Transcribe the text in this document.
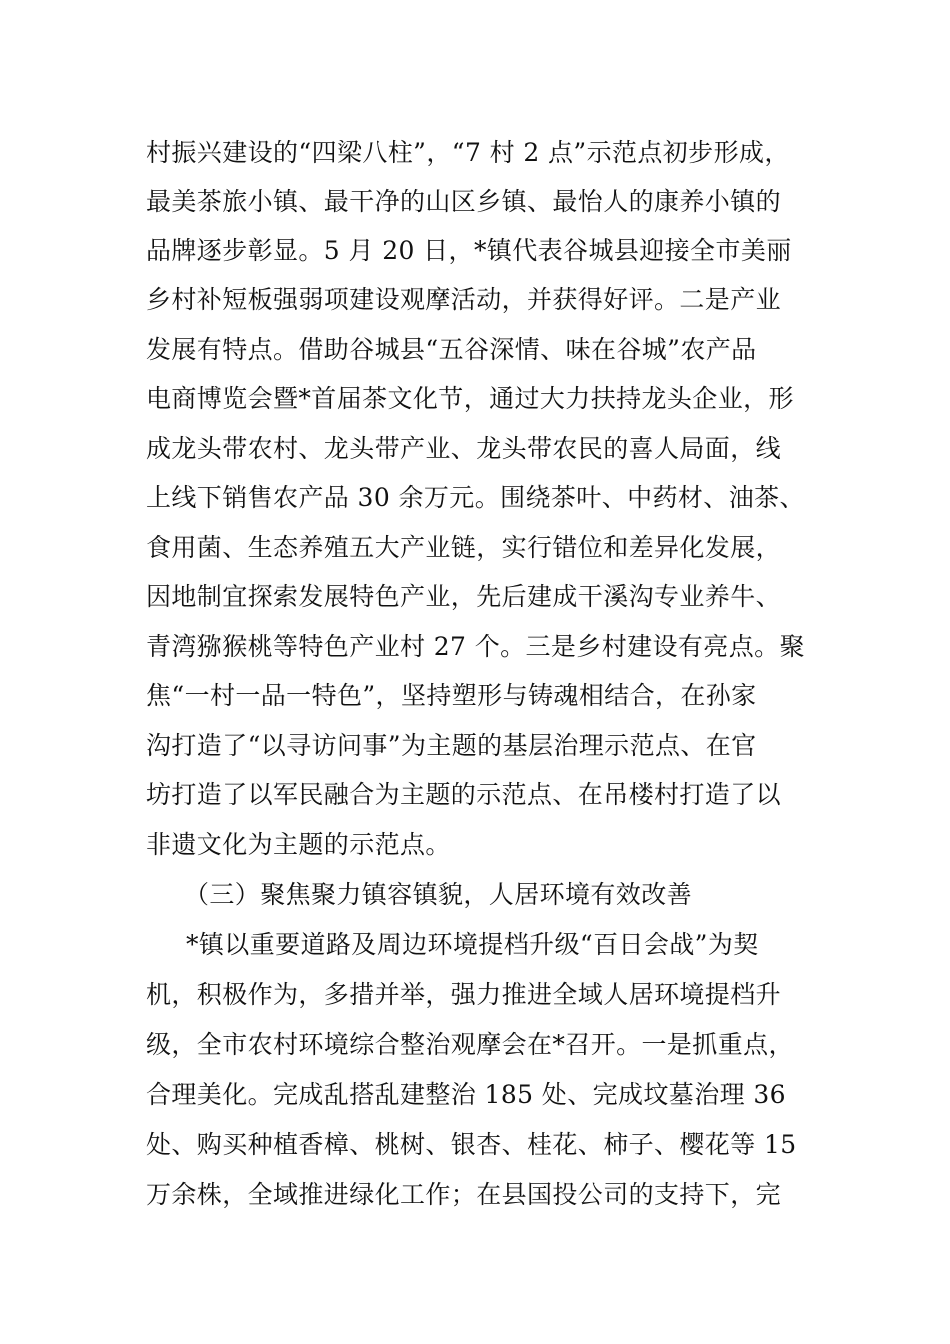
村振兴建设的“四梁八柱”，“7 村 2 点”示范点初步形成，
最美茶旅小镇、最干净的山区乡镇、最怡人的康养小镇的
品牌逐步彰显。5 月 20 日，*镇代表谷城县迎接全市美丽
乡村补短板强弱项建设观摩活动，并获得好评。二是产业
发展有特点。借助谷城县“五谷深情、味在谷城”农产品
电商博览会暨*首届茶文化节，通过大力扶持龙头企业，形
成龙头带农村、龙头带产业、龙头带农民的喜人局面，线
上线下销售农产品 30 余万元。围绕茶叶、中药材、油茶、
食用菌、生态养殖五大产业链，实行错位和差异化发展，
因地制宜探索发展特色产业，先后建成干溪沟专业养牛、
青湾猕猴桃等特色产业村 27 个。三是乡村建设有亮点。聚
焦“一村一品一特色”，坚持塑形与铸魂相结合，在孙家
沟打造了“以寻访问事”为主题的基层治理示范点、在官
坊打造了以军民融合为主题的示范点、在吊楼村打造了以
非遗文化为主题的示范点。
（三）聚焦聚力镇容镇貌，人居环境有效改善
*镇以重要道路及周边环境提档升级“百日会战”为契
机，积极作为，多措并举，强力推进全域人居环境提档升
级，全市农村环境综合整治观摩会在*召开。一是抓重点，
合理美化。完成乱搭乱建整治 185 处、完成坟墓治理 36
处、购买种植香樟、桃树、银杏、桂花、柿子、樱花等 15
万余株，全域推进绿化工作；在县国投公司的支持下，完
